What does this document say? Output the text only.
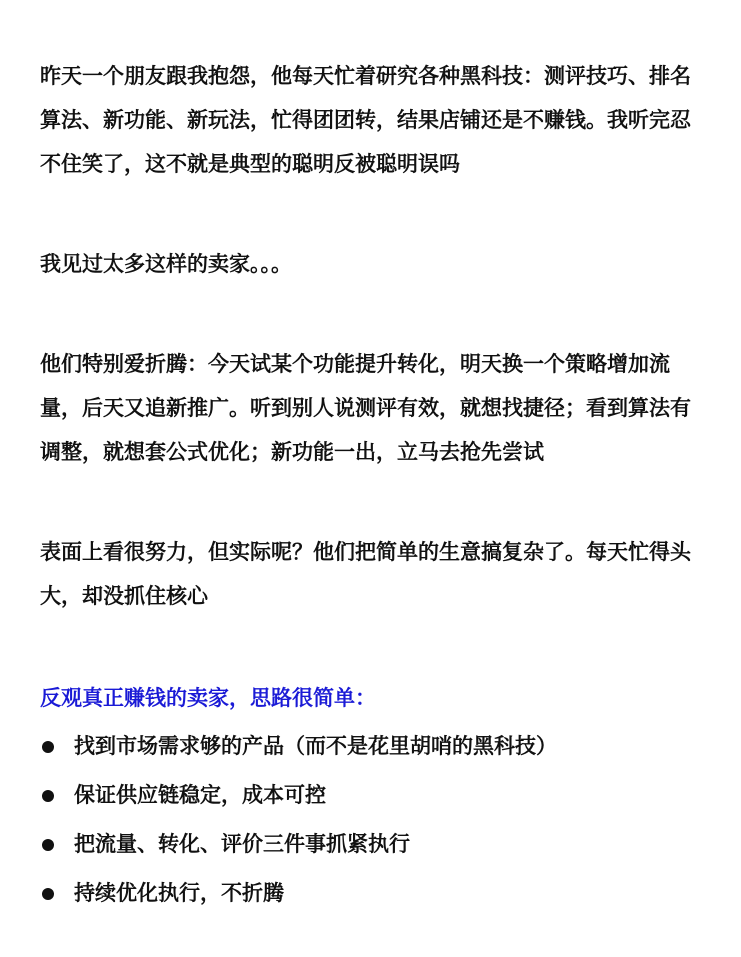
昨天一个朋友跟我抱怨，他每天忙着研究各种黑科技：测评技巧、排名算法、新功能、新玩法，忙得团团转，结果店铺还是不赚钱。我听完忍不住笑了，这不就是典型的聪明反被聪明误吗

我见过太多这样的卖家。。。

他们特别爱折腾：今天试某个功能提升转化，明天换一个策略增加流量，后天又追新推广。听到别人说测评有效，就想找捷径；看到算法有调整，就想套公式优化；新功能一出，立马去抢先尝试

表面上看很努力，但实际呢？他们把简单的生意搞复杂了。每天忙得头大，却没抓住核心

反观真正赚钱的卖家，思路很简单：

找到市场需求够的产品（而不是花里胡哨的黑科技）
保证供应链稳定，成本可控
把流量、转化、评价三件事抓紧执行
持续优化执行，不折腾
